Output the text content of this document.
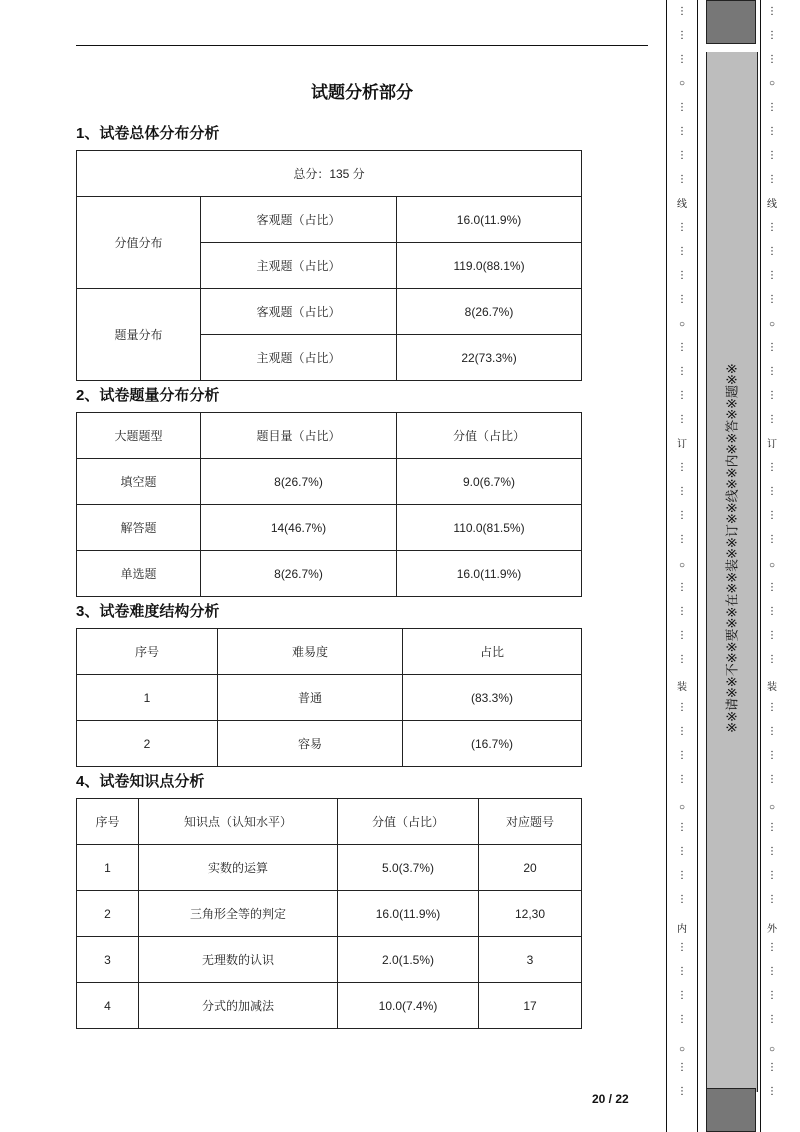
试题分析部分
1、试卷总体分布分析
总分：135 分		
分值分布	客观题（占比）	16.0(11.9%)
	主观题（占比）	119.0(88.1%)
题量分布	客观题（占比）	8(26.7%)
	主观题（占比）	22(73.3%)
2、试卷题量分布分析
大题题型	题目量（占比）	分值（占比）
填空题	8(26.7%)	9.0(6.7%)
解答题	14(46.7%)	110.0(81.5%)
单选题	8(26.7%)	16.0(11.9%)
3、试卷难度结构分析
序号	难易度	占比
1	普通	(83.3%)
2	容易	(16.7%)
4、试卷知识点分析
序号	知识点（认知水平）	分值（占比）	对应题号
1	实数的运算	5.0(3.7%)	20
2	三角形全等的判定	16.0(11.9%)	12,30
3	无理数的认识	2.0(1.5%)	3
4	分式的加减法	10.0(7.4%)	17
20 / 22
○
○
○
○
○
线
订
装
内
⋮
⋮
⋮
⋮
⋮
⋮
⋮
⋮
⋮
⋮
⋮
⋮
⋮
⋮
⋮
⋮
⋮
⋮
⋮
⋮
⋮
⋮
⋮
⋮
⋮
⋮
⋮
⋮
⋮
⋮
⋮
⋮
⋮
⋮
⋮
⋮
⋮
※※请※※不※※要※※在※※装※※订※※线※※内※※答※※题※※
○
○
○
○
○
线
订
装
外
⋮
⋮
⋮
⋮
⋮
⋮
⋮
⋮
⋮
⋮
⋮
⋮
⋮
⋮
⋮
⋮
⋮
⋮
⋮
⋮
⋮
⋮
⋮
⋮
⋮
⋮
⋮
⋮
⋮
⋮
⋮
⋮
⋮
⋮
⋮
⋮
⋮
